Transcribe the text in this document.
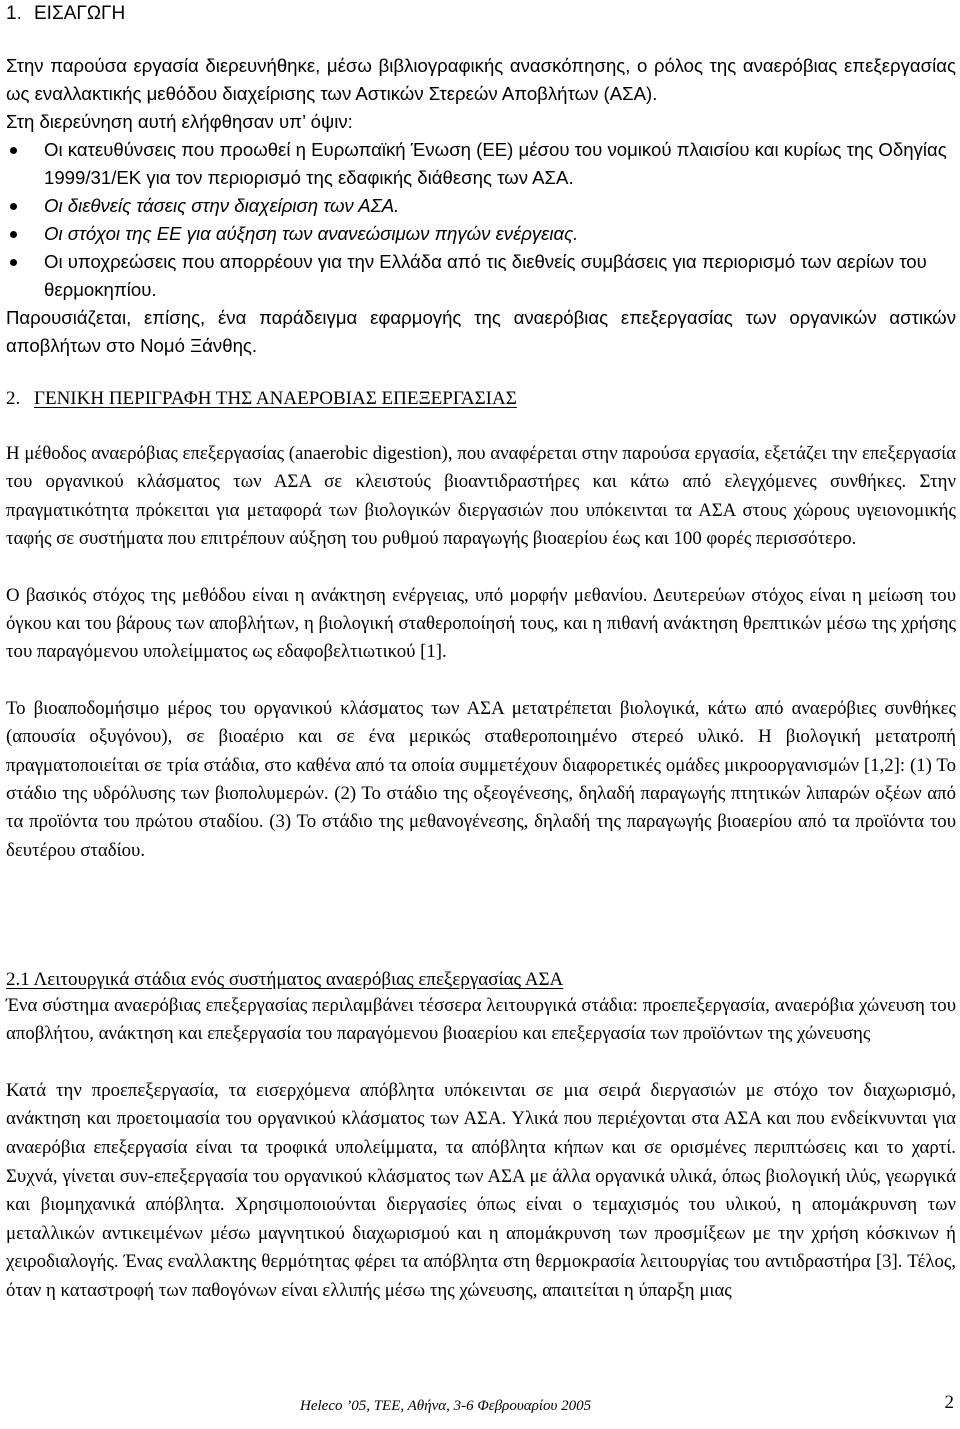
1. ΕΙΣΑΓΩΓΗ

Στην παρούσα εργασία διερευνήθηκε, μέσω βιβλιογραφικής ανασκόπησης, ο ρόλος της αναερόβιας επεξεργασίας ως εναλλακτικής μεθόδου διαχείρισης των Αστικών Στερεών Αποβλήτων (ΑΣΑ).

Στη διερεύνηση αυτή ελήφθησαν υπ’ όψιν:

Οι κατευθύνσεις που προωθεί η Ευρωπαϊκή Ένωση (ΕΕ) μέσου του νομικού πλαισίου και κυρίως της Οδηγίας 1999/31/ΕΚ για τον περιορισμό της εδαφικής διάθεσης των ΑΣΑ.
Οι διεθνείς τάσεις στην διαχείριση των ΑΣΑ.
Οι στόχοι της ΕΕ για αύξηση των ανανεώσιμων πηγών ενέργειας.
Οι υποχρεώσεις που απορρέουν για την Ελλάδα από τις διεθνείς συμβάσεις για περιορισμό των αερίων του θερμοκηπίου.

Παρουσιάζεται, επίσης, ένα παράδειγμα εφαρμογής της αναερόβιας επεξεργασίας των οργανικών αστικών αποβλήτων στο Νομό Ξάνθης.

2. ΓΕΝΙΚΗ ΠΕΡΙΓΡΑΦΗ ΤΗΣ ΑΝΑΕΡΟΒΙΑΣ ΕΠΕΞΕΡΓΑΣΙΑΣ

Η μέθοδος αναερόβιας επεξεργασίας (anaerobic digestion), που αναφέρεται στην παρούσα εργασία, εξετάζει την επεξεργασία του οργανικού κλάσματος των ΑΣΑ σε κλειστούς βιοαντιδραστήρες και κάτω από ελεγχόμενες συνθήκες. Στην πραγματικότητα πρόκειται για μεταφορά των βιολογικών διεργασιών που υπόκεινται τα ΑΣΑ στους χώρους υγειονομικής ταφής σε συστήματα που επιτρέπουν αύξηση του ρυθμού παραγωγής βιοαερίου έως και 100 φορές περισσότερο.

Ο βασικός στόχος της μεθόδου είναι η ανάκτηση ενέργειας, υπό μορφήν μεθανίου. Δευτερεύων στόχος είναι η μείωση του όγκου και του βάρους των αποβλήτων, η βιολογική σταθεροποίησή τους, και η πιθανή ανάκτηση θρεπτικών μέσω της χρήσης του παραγόμενου υπολείμματος ως εδαφοβελτιωτικού [1].

Το βιοαποδομήσιμο μέρος του οργανικού κλάσματος των ΑΣΑ μετατρέπεται βιολογικά, κάτω από αναερόβιες συνθήκες (απουσία οξυγόνου), σε βιοαέριο και σε ένα μερικώς σταθεροποιημένο στερεό υλικό. Η βιολογική μετατροπή πραγματοποιείται σε τρία στάδια, στο καθένα από τα οποία συμμετέχουν διαφορετικές ομάδες μικροοργανισμών [1,2]: (1) Το στάδιο της υδρόλυσης των βιοπολυμερών. (2) Το στάδιο της οξεογένεσης, δηλαδή παραγωγής πτητικών λιπαρών οξέων από τα προϊόντα του πρώτου σταδίου. (3) Το στάδιο της μεθανογένεσης, δηλαδή της παραγωγής βιοαερίου από τα προϊόντα του δευτέρου σταδίου.

2.1 Λειτουργικά στάδια ενός συστήματος αναερόβιας επεξεργασίας ΑΣΑ

Ένα σύστημα αναερόβιας επεξεργασίας περιλαμβάνει τέσσερα λειτουργικά στάδια: προεπεξεργασία, αναερόβια χώνευση του αποβλήτου, ανάκτηση και επεξεργασία του παραγόμενου βιοαερίου και επεξεργασία των προϊόντων της χώνευσης

Κατά την προεπεξεργασία, τα εισερχόμενα απόβλητα υπόκεινται σε μια σειρά διεργασιών με στόχο τον διαχωρισμό, ανάκτηση και προετοιμασία του οργανικού κλάσματος των ΑΣΑ. Υλικά που περιέχονται στα ΑΣΑ και που ενδείκνυνται για αναερόβια επεξεργασία είναι τα τροφικά υπολείμματα, τα απόβλητα κήπων και σε ορισμένες περιπτώσεις και το χαρτί. Συχνά, γίνεται συν-επεξεργασία του οργανικού κλάσματος των ΑΣΑ με άλλα οργανικά υλικά, όπως βιολογική ιλύς, γεωργικά και βιομηχανικά απόβλητα. Χρησιμοποιούνται διεργασίες όπως είναι ο τεμαχισμός του υλικού, η απομάκρυνση των μεταλλικών αντικειμένων μέσω μαγνητικού διαχωρισμού και η απομάκρυνση των προσμίξεων με την χρήση κόσκινων ή χειροδιαλογής. Ένας εναλλακτης θερμότητας φέρει τα απόβλητα στη θερμοκρασία λειτουργίας του αντιδραστήρα [3]. Τέλος, όταν η καταστροφή των παθογόνων είναι ελλιπής μέσω της χώνευσης, απαιτείται η ύπαρξη μιας

Heleco ’05, ΤΕΕ, Αθήνα, 3-6 Φεβρουαρίου 2005	2
